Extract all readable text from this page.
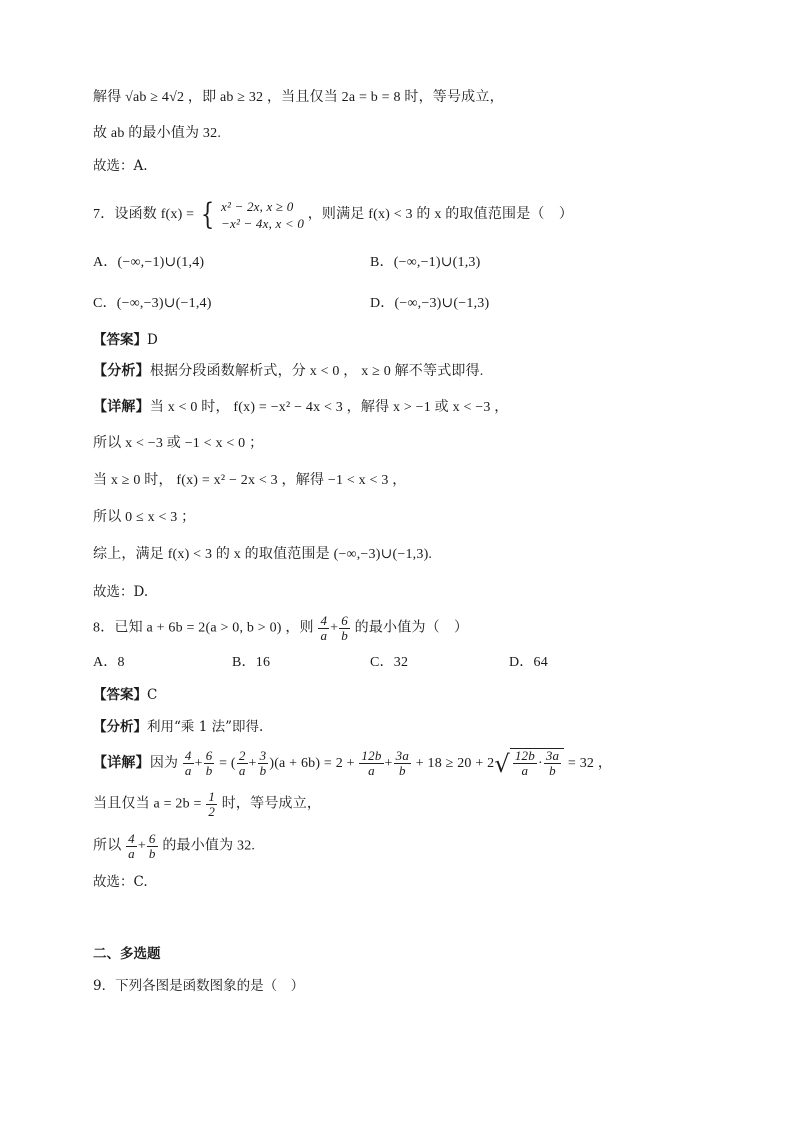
解得 √ab ≥ 4√2 ，即 ab ≥ 32 ，当且仅当 2a = b = 8 时，等号成立，
故 ab 的最小值为 32.
故选：A.
7．设函数 f(x) = { x² − 2x, x ≥ 0
−x² − 4x, x < 0
，则满足 f(x) < 3 的 x 的取值范围是（　）
A．(−∞,−1)∪(1,4)	B．(−∞,−1)∪(1,3)
C．(−∞,−3)∪(−1,4)	D．(−∞,−3)∪(−1,3)
【答案】D
【分析】根据分段函数解析式，分 x < 0 ， x ≥ 0 解不等式即得.
【详解】当 x < 0 时， f(x) = −x² − 4x < 3 ，解得 x > −1 或 x < −3 ，
所以 x < −3 或 −1 < x < 0 ；
当 x ≥ 0 时， f(x) = x² − 2x < 3 ，解得 −1 < x < 3 ，
所以 0 ≤ x < 3 ；
综上，满足 f(x) < 3 的 x 的取值范围是 (−∞,−3)∪(−1,3).
故选：D.
8．已知 a + 6b = 2(a > 0, b > 0) ，则 $\frac{4}{a} + \frac{6}{b}$ 的最小值为（　）
A．8	B．16	C．32	D．64
【答案】C
【分析】利用“乘 1 法”即得.
【详解】因为 $\frac{4}{a} + \frac{6}{b}$ = ( $\frac{2}{a} + \frac{3}{b} )(a + 6b) = 2 + \frac{12b}{a} + \frac{3a}{b} + 18 \ge 20 + 2√ \frac{12b}{a} \cdot \frac{3a}{b} = 32$ ，
当且仅当 $a = 2b = \frac{1}{2}$ 时，等号成立，
所以 $\frac{4}{a} + \frac{6}{b}$ 的最小值为 32.
故选：C.
二、多选题
9．下列各图是函数图象的是（　）
